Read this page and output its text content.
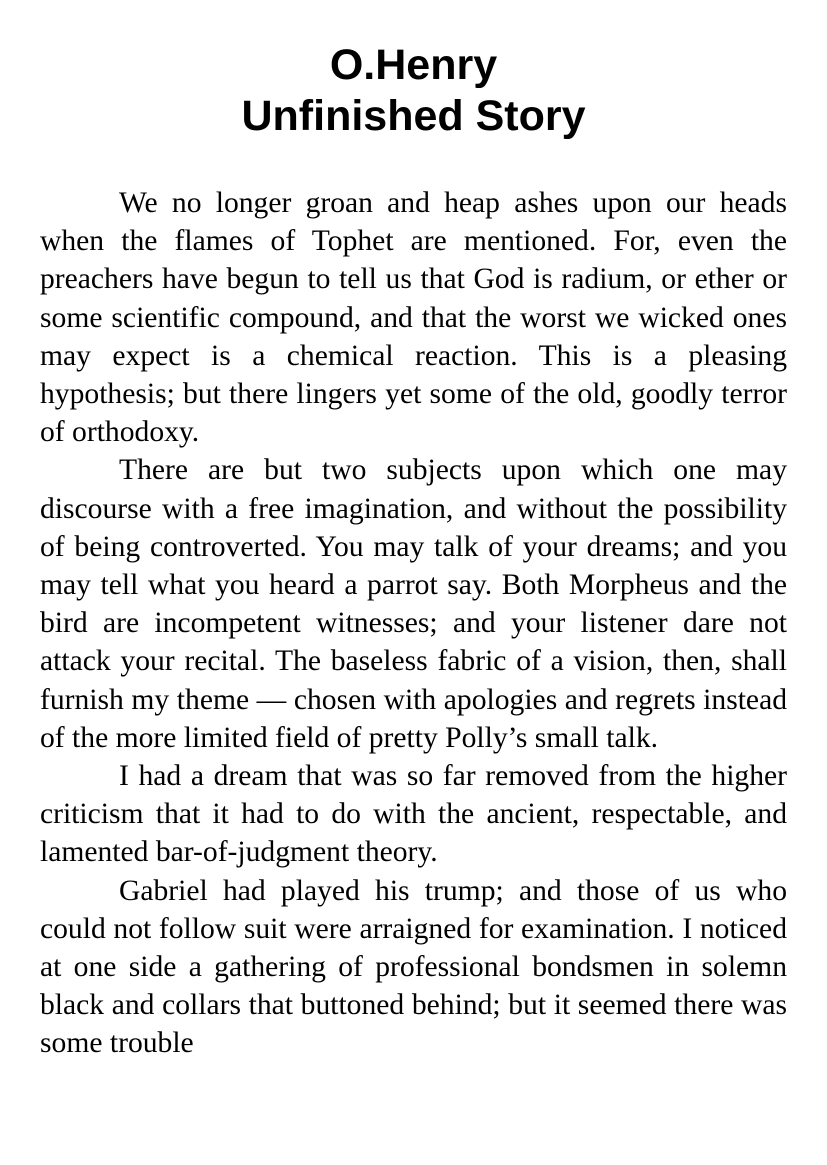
O.Henry
Unfinished Story

We no longer groan and heap ashes upon our heads when the flames of Tophet are mentioned. For, even the preachers have begun to tell us that God is radium, or ether or some scientific compound, and that the worst we wicked ones may expect is a chemical reaction. This is a pleasing hypothesis; but there lingers yet some of the old, goodly terror of orthodoxy.

There are but two subjects upon which one may discourse with a free imagination, and without the possibility of being controverted. You may talk of your dreams; and you may tell what you heard a parrot say. Both Morpheus and the bird are incompetent witnesses; and your listener dare not attack your recital. The baseless fabric of a vision, then, shall furnish my theme — chosen with apologies and regrets instead of the more limited field of pretty Polly’s small talk.

I had a dream that was so far removed from the higher criticism that it had to do with the ancient, respectable, and lamented bar-of-judgment theory.

Gabriel had played his trump; and those of us who could not follow suit were arraigned for examination. I noticed at one side a gathering of professional bondsmen in solemn black and collars that buttoned behind; but it seemed there was some trouble
